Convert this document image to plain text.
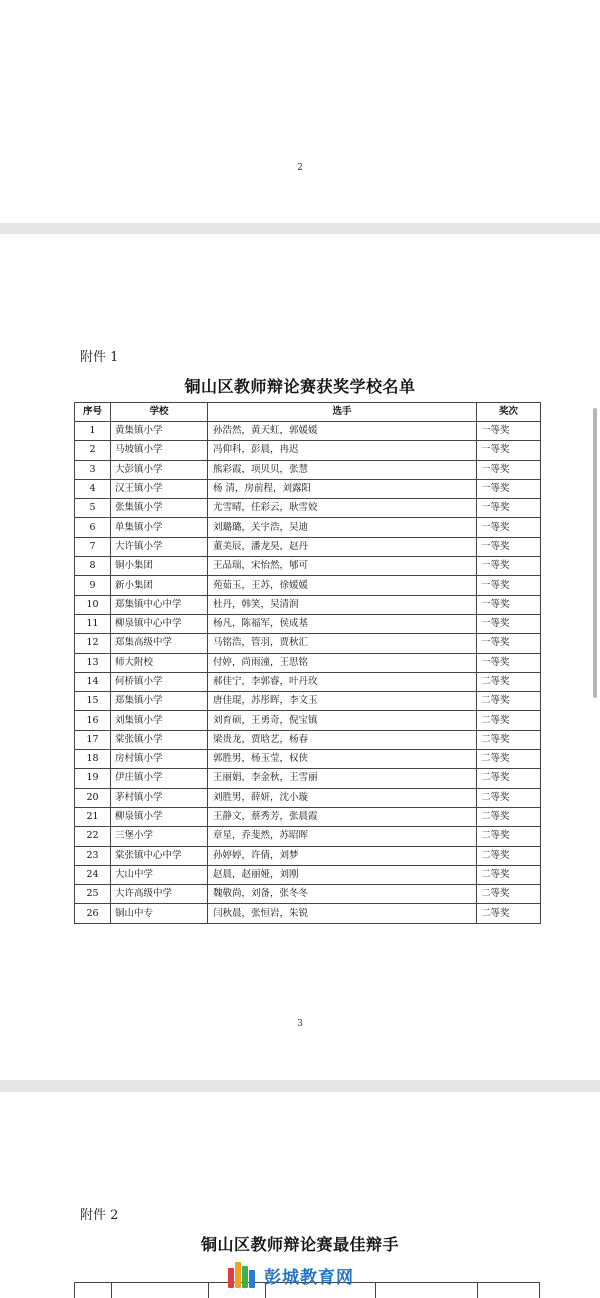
2
附件 1
铜山区教师辩论赛获奖学校名单
序号	学校	选手	奖次
1	黄集镇小学	孙浩然，黄天虹，郭媛媛	一等奖
2	马坡镇小学	冯仰科，彭晨，冉迟	一等奖
3	大彭镇小学	熊彩霞，项贝贝，张慧	一等奖
4	汉王镇小学	杨 清，房前程，刘露阳	一等奖
5	张集镇小学	尤雪晴，任彩云，耿雪姣	一等奖
6	单集镇小学	刘璐璐，关宇浩，吴迪	一等奖
7	大许镇小学	董美辰，潘龙昊，赵丹	一等奖
8	铜小集团	王品瑞，宋怡然，郇可	一等奖
9	新小集团	苑茹玉，王苏，徐媛媛	一等奖
10	郑集镇中心中学	杜丹，韩笑，吴清润	一等奖
11	柳泉镇中心中学	杨凡，陈福军，侯成基	一等奖
12	郑集高级中学	马铭浩，管羽，贾秋汇	一等奖
13	师大附校	付婷，尚雨潼，王思铭	一等奖
14	何桥镇小学	郝佳宁，李郭睿，叶丹玫	二等奖
15	郑集镇小学	唐佳琨，苏彤晖，李文玉	二等奖
16	刘集镇小学	刘育硕，王勇奇，倪宝镇	二等奖
17	棠张镇小学	梁贵龙，贾晗艺，杨春	二等奖
18	房村镇小学	郭胜男，杨玉莹，权侠	二等奖
19	伊庄镇小学	王丽娟，李金秋，王雪丽	二等奖
20	茅村镇小学	刘胜男，薛妍，沈小璇	二等奖
21	柳泉镇小学	王静文，蔡秀芳，张晨霞	二等奖
22	三堡小学	章星，乔斐然，苏昭晖	二等奖
23	棠张镇中心中学	孙婷婷，许倩，刘梦	二等奖
24	大山中学	赵晨，赵丽娅，刘刚	二等奖
25	大许高级中学	魏敬尚，刘备，张冬冬	二等奖
26	铜山中专	闫秋晨，张恒岩，朱锐	二等奖
3
附件 2
铜山区教师辩论赛最佳辩手
彭城教育网
